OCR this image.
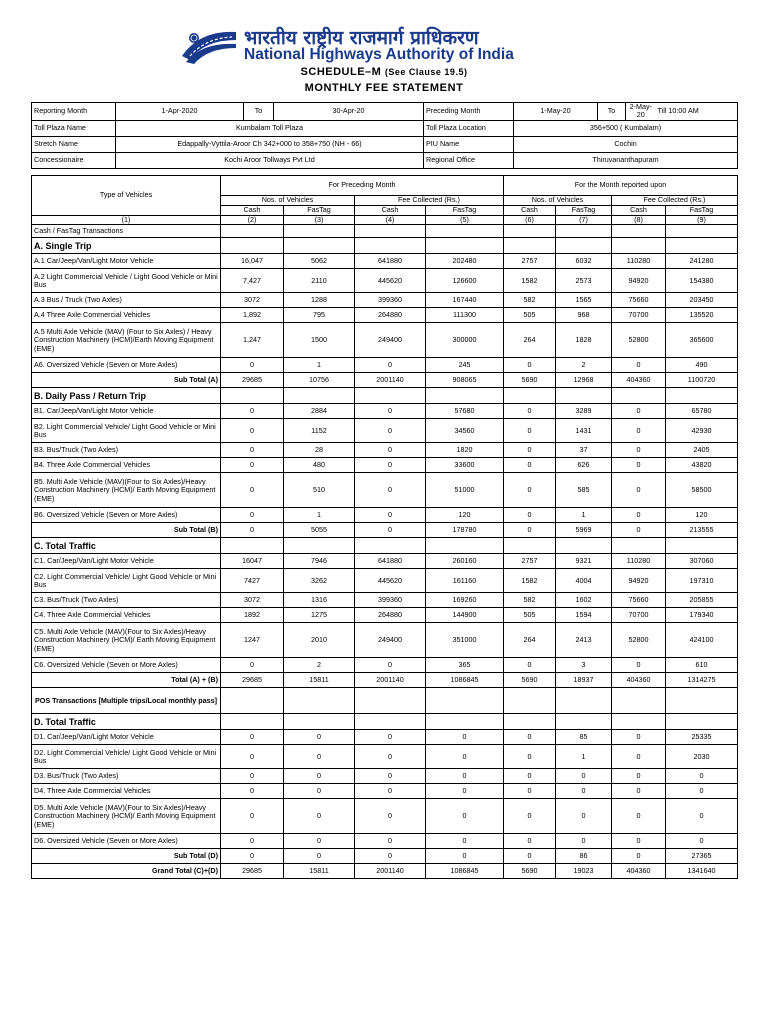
भारतीय राष्ट्रीय राजमार्ग प्राधिकरण
National Highways Authority of India
SCHEDULE–M (See Clause 19.5)
MONTHLY FEE STATEMENT
Reporting Month	1-Apr-2020	To	30-Apr-20	Preceding Month	1-May-20	To	2-May-20	Till 10:00 AM
Toll Plaza Name	Kumbalam Toll Plaza			Toll Plaza Location	356+500 ( Kumbalam)			
Stretch Name	Edappally-Vyttila-Aroor Ch 342+000 to 358+750 (NH - 66)			PIU Name	Cochin			
Concessionaire	Kochi Aroor Tollways Pvt Ltd			Regional Office	Thiruvananthapuram			
Type of Vehicles	For Preceding Month				For the Month reported upon			
	Nos. of Vehicles		Fee Collected (Rs.)		Nos. of Vehicles		Fee Collected (Rs.)	
	Cash	FasTag	Cash	FasTag	Cash	FasTag	Cash	FasTag
(1)	(2)	(3)	(4)	(5)	(6)	(7)	(8)	(9)
Cash / FasTag Transactions								
A. Single Trip								
A.1 Car/Jeep/Van/Light Motor Vehicle	16,047	5062	641880	202480	2757	6032	110280	241280
A.2 Light Commercial Vehicle / Light Good Vehicle or Mini Bus	7,427	2110	445620	126600	1582	2573	94920	154380
A.3 Bus / Truck (Two Axles)	3072	1288	399360	167440	582	1565	75660	203450
A.4 Three Axle Commercial Vehicles	1,892	795	264880	111300	505	968	70700	135520
A.5 Multi Axle Vehicle (MAV) (Four to Six Axles) / Heavy Construction Machinery (HCM)/Earth Moving Equipment (EME)	1,247	1500	249400	300000	264	1828	52800	365600
A6. Oversized Vehicle (Seven or More Axles)	0	1	0	245	0	2	0	490
Sub Total (A)	29685	10756	2001140	908065	5690	12968	404360	1100720
B. Daily Pass / Return Trip								
B1. Car/Jeep/Van/Light Motor Vehicle	0	2884	0	57680	0	3289	0	65780
B2. Light Commercial Vehicle/ Light Good Vehicle or Mini Bus	0	1152	0	34560	0	1431	0	42930
B3. Bus/Truck (Two Axles)	0	28	0	1820	0	37	0	2405
B4. Three Axle Commercial Vehicles	0	480	0	33600	0	626	0	43820
B5. Multi Axle Vehicle (MAV)(Four to Six Axles)/Heavy Construction Machinery (HCM)/ Earth Moving Equipment (EME)	0	510	0	51000	0	585	0	58500
B6. Oversized Vehicle (Seven or More Axles)	0	1	0	120	0	1	0	120
Sub Total (B)	0	5055	0	178780	0	5969	0	213555
C. Total Traffic								
C1. Car/Jeep/Van/Light Motor Vehicle	16047	7946	641880	260160	2757	9321	110280	307060
C2. Light Commercial Vehicle/ Light Good Vehicle or Mini Bus	7427	3262	445620	161160	1582	4004	94920	197310
C3. Bus/Truck (Two Axles)	3072	1316	399360	169260	582	1602	75660	205855
C4. Three Axle Commercial Vehicles	1892	1275	264880	144900	505	1594	70700	179340
C5. Multi Axle Vehicle (MAV)(Four to Six Axles)/Heavy Construction Machinery (HCM)/ Earth Moving Equipment (EME)	1247	2010	249400	351000	264	2413	52800	424100
C6. Oversized Vehicle (Seven or More Axles)	0	2	0	365	0	3	0	610
Total (A) + (B)	29685	15811	2001140	1086845	5690	18937	404360	1314275
POS Transactions [Multiple trips/Local monthly pass]								
D. Total Traffic								
D1. Car/Jeep/Van/Light Motor Vehicle	0	0	0	0	0	85	0	25335
D2. Light Commercial Vehicle/ Light Good Vehicle or Mini Bus	0	0	0	0	0	1	0	2030
D3. Bus/Truck (Two Axles)	0	0	0	0	0	0	0	0
D4. Three Axle Commercial Vehicles	0	0	0	0	0	0	0	0
D5. Multi Axle Vehicle (MAV)(Four to Six Axles)/Heavy Construction Machinery (HCM)/ Earth Moving Equipment (EME)	0	0	0	0	0	0	0	0
D6. Oversized Vehicle (Seven or More Axles)	0	0	0	0	0	0	0	0
Sub Total (D)	0	0	0	0	0	86	0	27365
Grand Total (C)+(D)	29685	15811	2001140	1086845	5690	19023	404360	1341640
